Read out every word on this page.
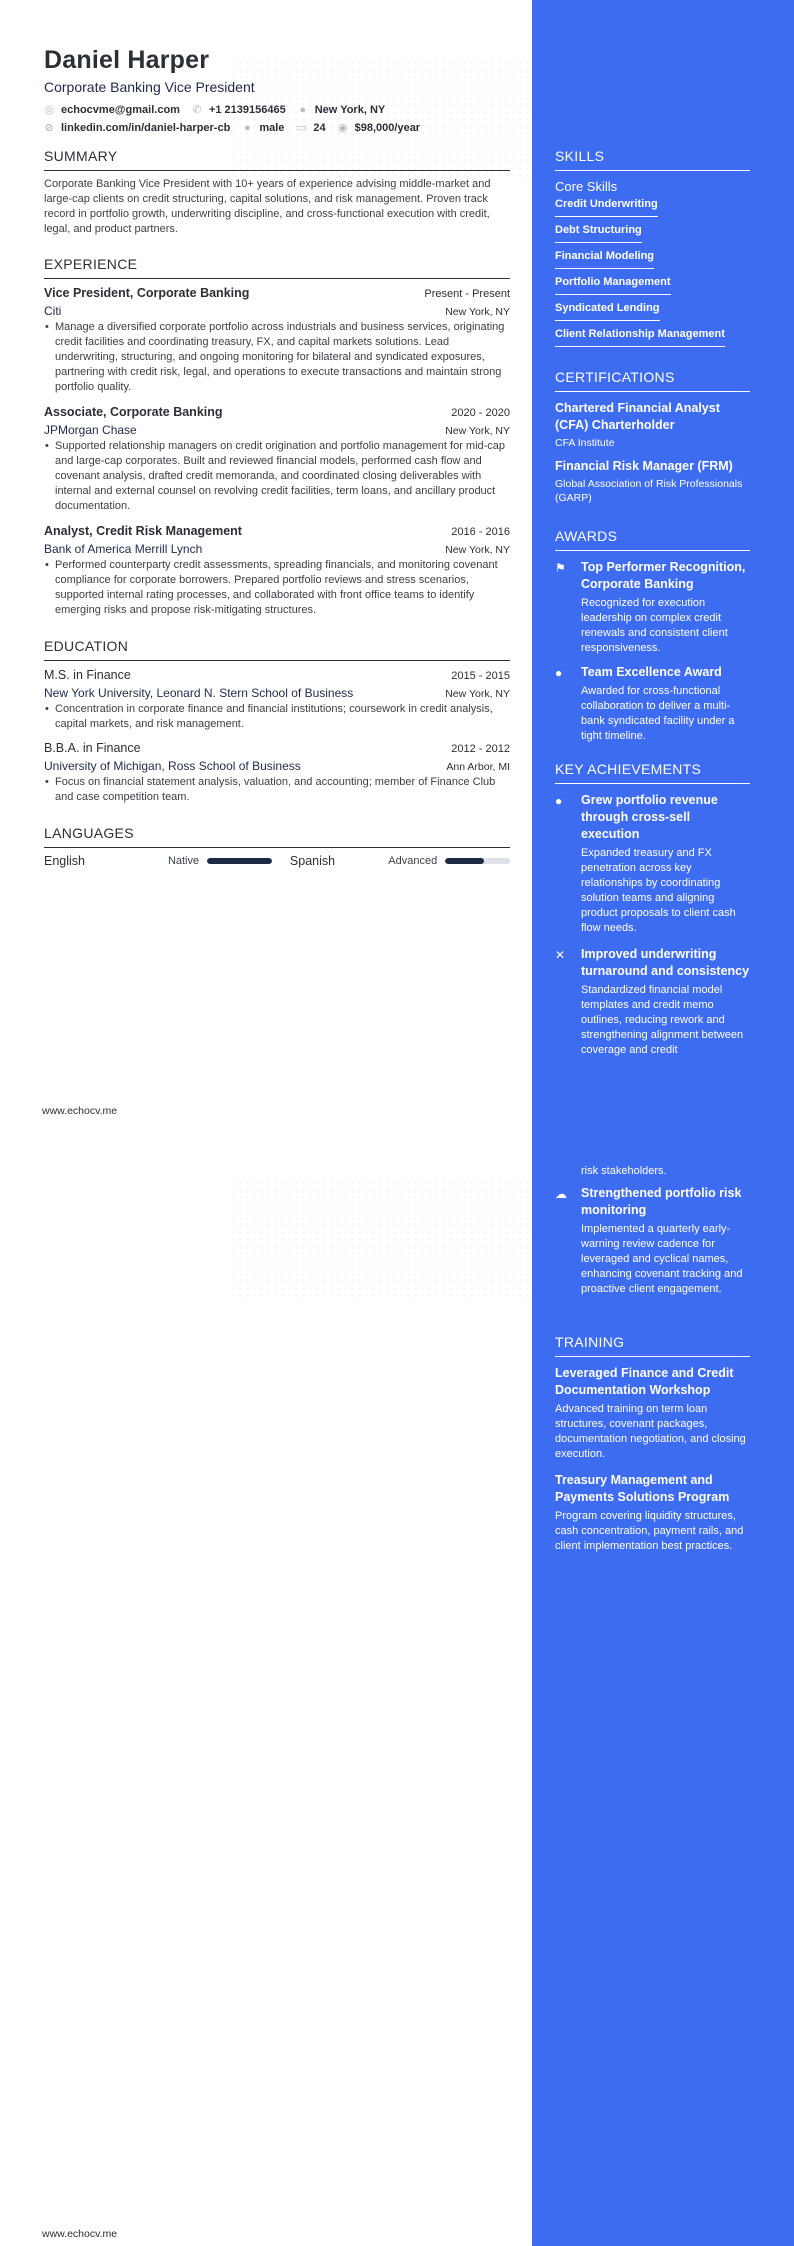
Daniel Harper
Corporate Banking Vice President
◎ echocvme@gmail.com ✆ +1 2139156465 ● New York, NY
⊘ linkedin.com/in/daniel-harper-cb ● male ▭ 24 ◉ $98,000/year
SUMMARY
Corporate Banking Vice President with 10+ years of experience advising middle-market and large-cap clients on credit structuring, capital solutions, and risk management. Proven track record in portfolio growth, underwriting discipline, and cross-functional execution with credit, legal, and product partners.
EXPERIENCE
Vice President, Corporate Banking	Present - Present
Citi	New York, NY
• Manage a diversified corporate portfolio across industrials and business services, originating credit facilities and coordinating treasury, FX, and capital markets solutions. Lead underwriting, structuring, and ongoing monitoring for bilateral and syndicated exposures, partnering with credit risk, legal, and operations to execute transactions and maintain strong portfolio quality.
Associate, Corporate Banking	2020 - 2020
JPMorgan Chase	New York, NY
• Supported relationship managers on credit origination and portfolio management for mid-cap and large-cap corporates. Built and reviewed financial models, performed cash flow and covenant analysis, drafted credit memoranda, and coordinated closing deliverables with internal and external counsel on revolving credit facilities, term loans, and ancillary product documentation.
Analyst, Credit Risk Management	2016 - 2016
Bank of America Merrill Lynch	New York, NY
• Performed counterparty credit assessments, spreading financials, and monitoring covenant compliance for corporate borrowers. Prepared portfolio reviews and stress scenarios, supported internal rating processes, and collaborated with front office teams to identify emerging risks and propose risk-mitigating structures.
EDUCATION
M.S. in Finance	2015 - 2015
New York University, Leonard N. Stern School of Business	New York, NY
• Concentration in corporate finance and financial institutions; coursework in credit analysis, capital markets, and risk management.
B.B.A. in Finance	2012 - 2012
University of Michigan, Ross School of Business	Ann Arbor, MI
• Focus on financial statement analysis, valuation, and accounting; member of Finance Club and case competition team.
LANGUAGES
English	Native	Spanish	Advanced
www.echocv.me
SKILLS
Core Skills
Credit Underwriting
Debt Structuring
Financial Modeling
Portfolio Management
Syndicated Lending
Client Relationship Management
CERTIFICATIONS
Chartered Financial Analyst (CFA) Charterholder
CFA Institute
Financial Risk Manager (FRM)
Global Association of Risk Professionals (GARP)
AWARDS
⚑	Top Performer Recognition, Corporate Banking
Recognized for execution leadership on complex credit renewals and consistent client responsiveness.
●	Team Excellence Award
Awarded for cross-functional collaboration to deliver a multi-bank syndicated facility under a tight timeline.
KEY ACHIEVEMENTS
●	Grew portfolio revenue through cross-sell execution
Expanded treasury and FX penetration across key relationships by coordinating solution teams and aligning product proposals to client cash flow needs.
✕	Improved underwriting turnaround and consistency
Standardized financial model templates and credit memo outlines, reducing rework and strengthening alignment between coverage and credit
risk stakeholders.
☁	Strengthened portfolio risk monitoring
Implemented a quarterly early-warning review cadence for leveraged and cyclical names, enhancing covenant tracking and proactive client engagement.
TRAINING
Leveraged Finance and Credit Documentation Workshop
Advanced training on term loan structures, covenant packages, documentation negotiation, and closing execution.
Treasury Management and Payments Solutions Program
Program covering liquidity structures, cash concentration, payment rails, and client implementation best practices.
www.echocv.me
